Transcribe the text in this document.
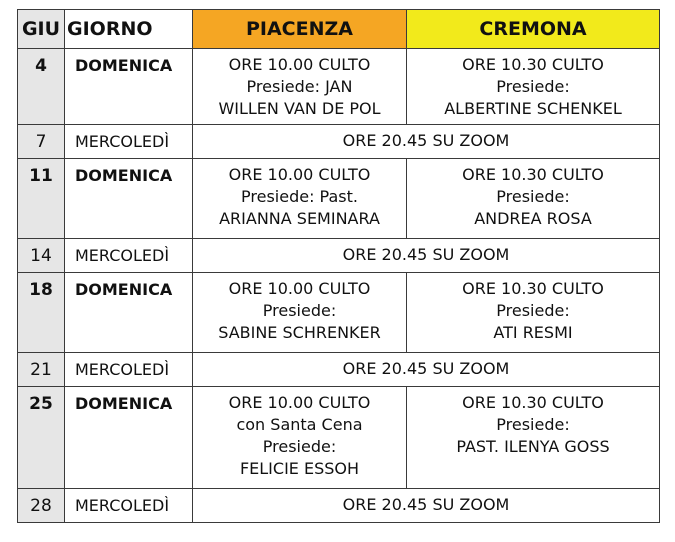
GIU	GIORNO	PIACENZA	CREMONA
4	DOMENICA	ORE 10.00 CULTO
Presiede: JAN
WILLEN VAN DE POL	ORE 10.30 CULTO
Presiede:
ALBERTINE SCHENKEL

7	MERCOLEDÌ	ORE 20.45 SU ZOOM	
11	DOMENICA	ORE 10.00 CULTO
Presiede: Past.
ARIANNA SEMINARA	ORE 10.30 CULTO
Presiede:
ANDREA ROSA

14	MERCOLEDÌ	ORE 20.45 SU ZOOM	
18	DOMENICA	ORE 10.00 CULTO
Presiede:
SABINE SCHRENKER	ORE 10.30 CULTO
Presiede:
ATI RESMI

21	MERCOLEDÌ	ORE 20.45 SU ZOOM	
25	DOMENICA	ORE 10.00 CULTO
con Santa Cena
Presiede:
FELICIE ESSOH	ORE 10.30 CULTO
Presiede:
PAST. ILENYA GOSS

28	MERCOLEDÌ	ORE 20.45 SU ZOOM	
